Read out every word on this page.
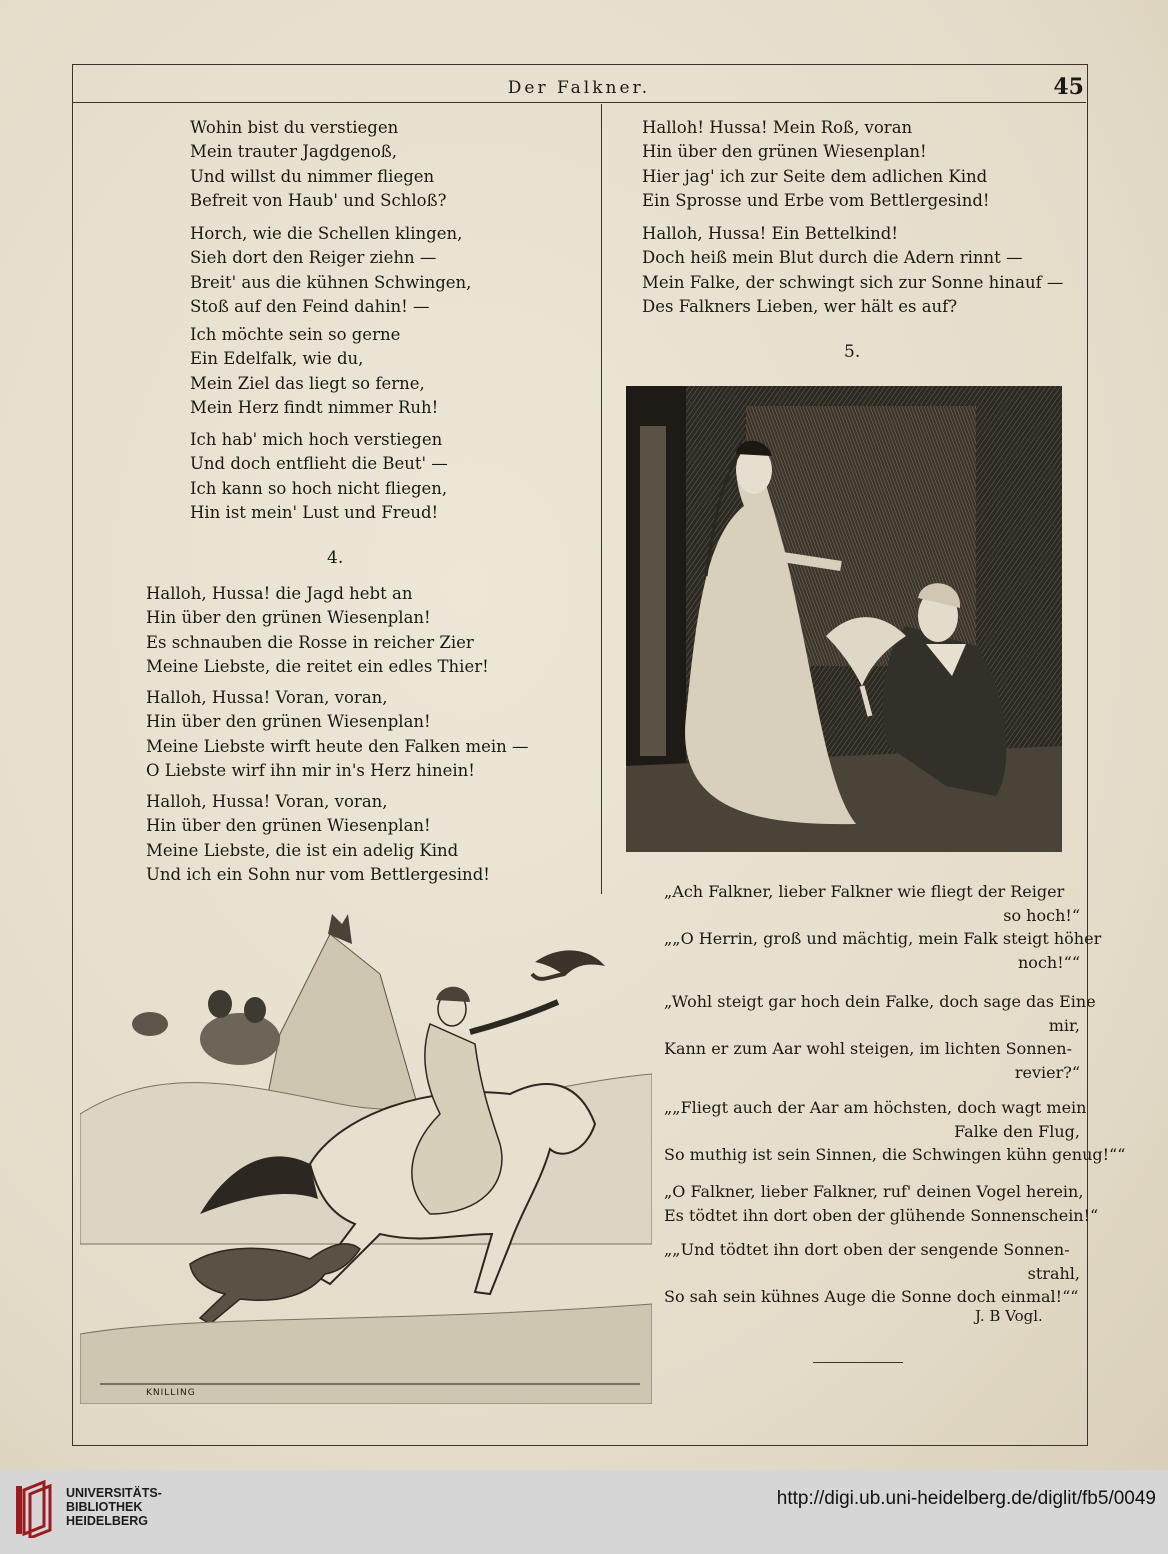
Der Falkner.	45
Wohin bist du verstiegen
Mein trauter Jagdgenoß,
Und willst du nimmer fliegen
Befreit von Haub' und Schloß?
Horch, wie die Schellen klingen,
Sieh dort den Reiger ziehn —
Breit' aus die kühnen Schwingen,
Stoß auf den Feind dahin! —
Ich möchte sein so gerne
Ein Edelfalk, wie du,
Mein Ziel das liegt so ferne,
Mein Herz findt nimmer Ruh!
Ich hab' mich hoch verstiegen
Und doch entflieht die Beut' —
Ich kann so hoch nicht fliegen,
Hin ist mein' Lust und Freud!
4.
Halloh, Hussa! die Jagd hebt an
Hin über den grünen Wiesenplan!
Es schnauben die Rosse in reicher Zier
Meine Liebste, die reitet ein edles Thier!
Halloh, Hussa! Voran, voran,
Hin über den grünen Wiesenplan!
Meine Liebste wirft heute den Falken mein —
O Liebste wirf ihn mir in's Herz hinein!
Halloh, Hussa! Voran, voran,
Hin über den grünen Wiesenplan!
Meine Liebste, die ist ein adelig Kind
Und ich ein Sohn nur vom Bettlergesind!
Halloh! Hussa! Mein Roß, voran
Hin über den grünen Wiesenplan!
Hier jag' ich zur Seite dem adlichen Kind
Ein Sprosse und Erbe vom Bettlergesind!
Halloh, Hussa! Ein Bettelkind!
Doch heiß mein Blut durch die Adern rinnt —
Mein Falke, der schwingt sich zur Sonne hinauf —
Des Falkners Lieben, wer hält es auf?
5.
„Ach Falkner, lieber Falkner wie fliegt der Reiger
so hoch!“
„„O Herrin, groß und mächtig, mein Falk steigt höher
noch!““
„Wohl steigt gar hoch dein Falke, doch sage das Eine
mir,
Kann er zum Aar wohl steigen, im lichten Sonnen-
revier?“
„„Fliegt auch der Aar am höchsten, doch wagt mein
Falke den Flug,
So muthig ist sein Sinnen, die Schwingen kühn genug!““
„O Falkner, lieber Falkner, ruf' deinen Vogel herein,
Es tödtet ihn dort oben der glühende Sonnenschein!“
„„Und tödtet ihn dort oben der sengende Sonnen-
strahl,
So sah sein kühnes Auge die Sonne doch einmal!““
J. B Vogl.
KNILLING
UNIVERSITÄTS-
BIBLIOTHEK
HEIDELBERG
http://digi.ub.uni-heidelberg.de/diglit/fb5/0049
